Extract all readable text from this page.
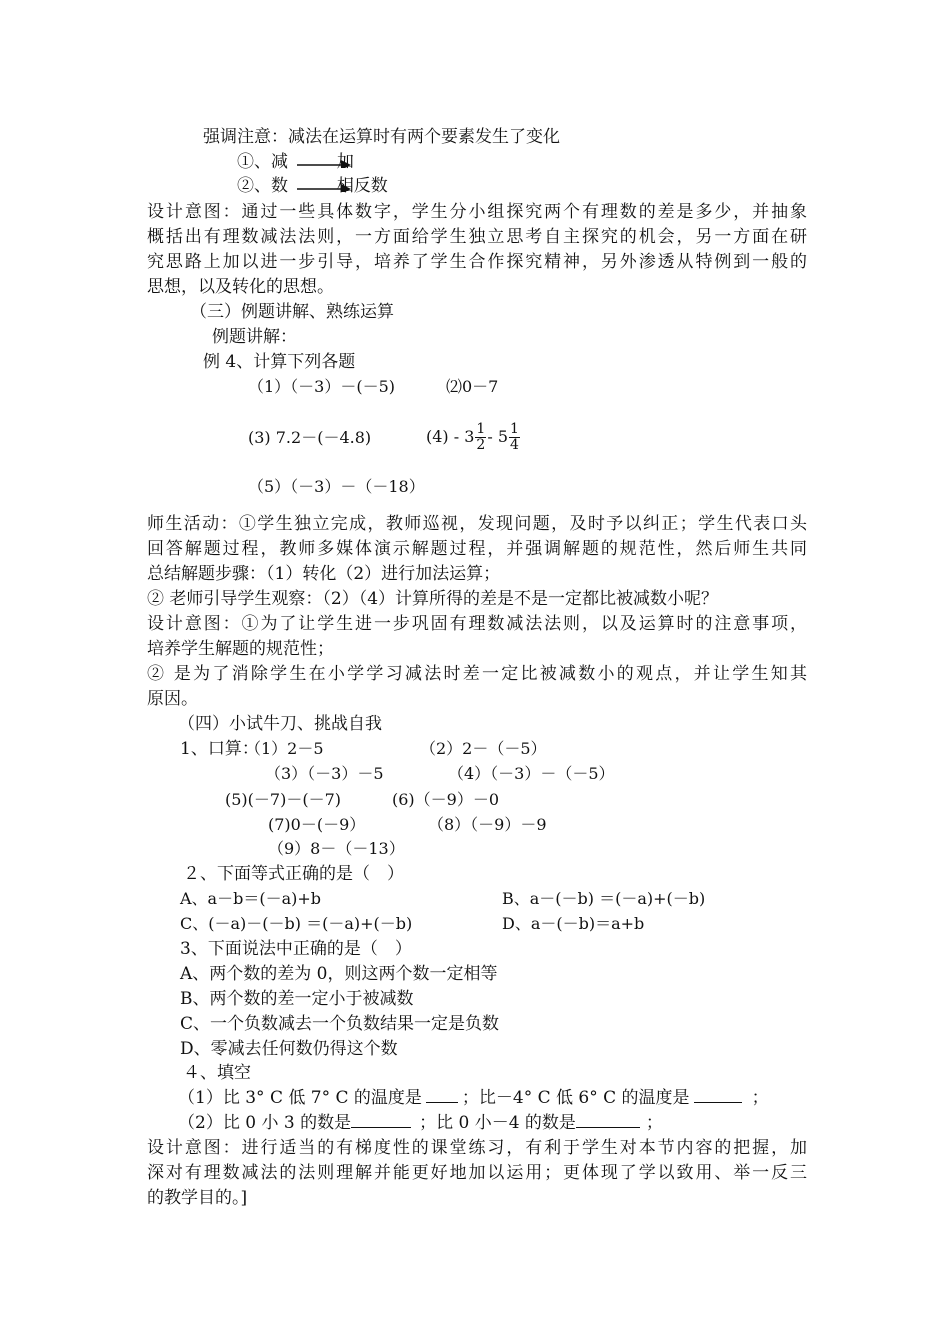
强调注意：减法在运算时有两个要素发生了变化
①、减	加
②、数	相反数
设计意图：通过一些具体数字，学生分小组探究两个有理数的差是多少，并抽象
概括出有理数减法法则，一方面给学生独立思考自主探究的机会，另一方面在研
究思路上加以进一步引导，培养了学生合作探究精神，另外渗透从特例到一般的
思想，以及转化的思想。
（三）例题讲解、熟练运算
例题讲解：
例 4、计算下列各题
（1）（－3）－(－5)	⑵0－7
(3) 7.2－(－4.8)	$(4) - 3 \frac{1}{2} - 5 \frac{1}{4}$
（5）（－3）－（－18）
师生活动：①学生独立完成，教师巡视，发现问题，及时予以纠正；学生代表口头
回答解题过程，教师多媒体演示解题过程，并强调解题的规范性，然后师生共同
总结解题步骤：（1）转化（2）进行加法运算；
② 老师引导学生观察：（2）（4）计算所得的差是不是一定都比被减数小呢？
设计意图：①为了让学生进一步巩固有理数减法法则，以及运算时的注意事项，
培养学生解题的规范性；
② 是为了消除学生在小学学习减法时差一定比被减数小的观点，并让学生知其
原因。
（四）小试牛刀、挑战自我
1、口算：
（1）2－5	（2）2－（－5）
（3）（－3）－5	（4）（－3）－（－5）
(5)(－7)－(－7)	(6)（－9）－0
(7)0－(－9）	（8）（－9）－9
（9）8－（－13）
２、下面等式正确的是（　）
A、a－b＝(－a)+b	B、a－(－b) ＝(－a)+(－b)
C、(－a)－(－b) ＝(－a)+(－b)	D、a－(－b)＝a+b
3、下面说法中正确的是（　）
A、两个数的差为 0，则这两个数一定相等
B、两个数的差一定小于被减数
C、一个负数减去一个负数结果一定是负数
D、零减去任何数仍得这个数
４、填空
（1）比 3° C 低 7° C 的温度是 ；比－4° C 低 6° C 的温度是	；
（2）比 0 小 3 的数是	；比 0 小－4 的数是	；
设计意图：进行适当的有梯度性的课堂练习，有利于学生对本节内容的把握，加
深对有理数减法的法则理解并能更好地加以运用；更体现了学以致用、举一反三
的教学目的。]
